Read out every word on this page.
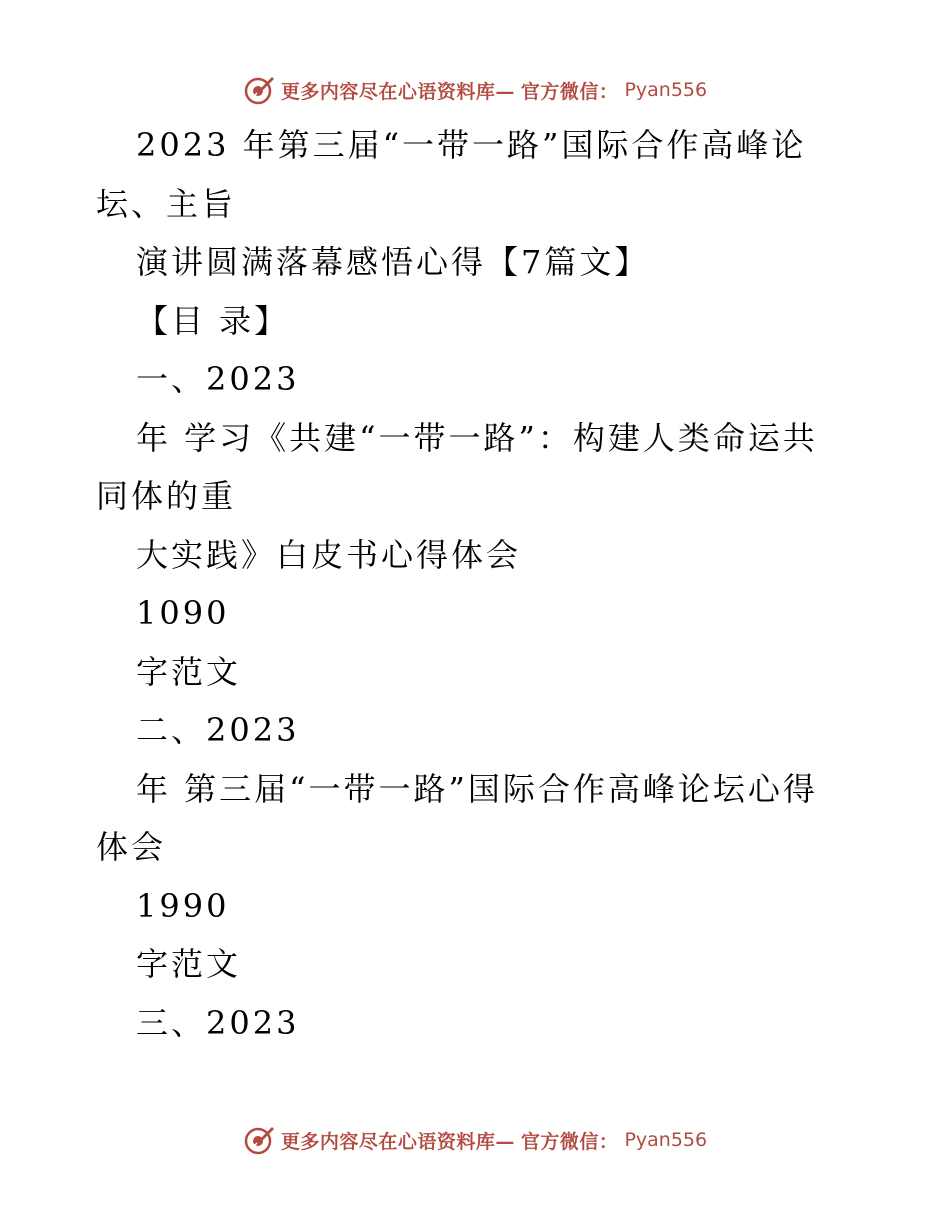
更多内容尽在心语资料库— 官方微信： Pyan556
2023 年第三届“一带一路”国际合作高峰论
坛、主旨
演讲圆满落幕感悟心得【7篇文】
【目 录】
一、2023
年 学习《共建“一带一路”：构建人类命运共
同体的重
大实践》白皮书心得体会
1090
字范文
二、2023
年 第三届“一带一路”国际合作高峰论坛心得
体会
1990
字范文
三、2023
更多内容尽在心语资料库— 官方微信： Pyan556
